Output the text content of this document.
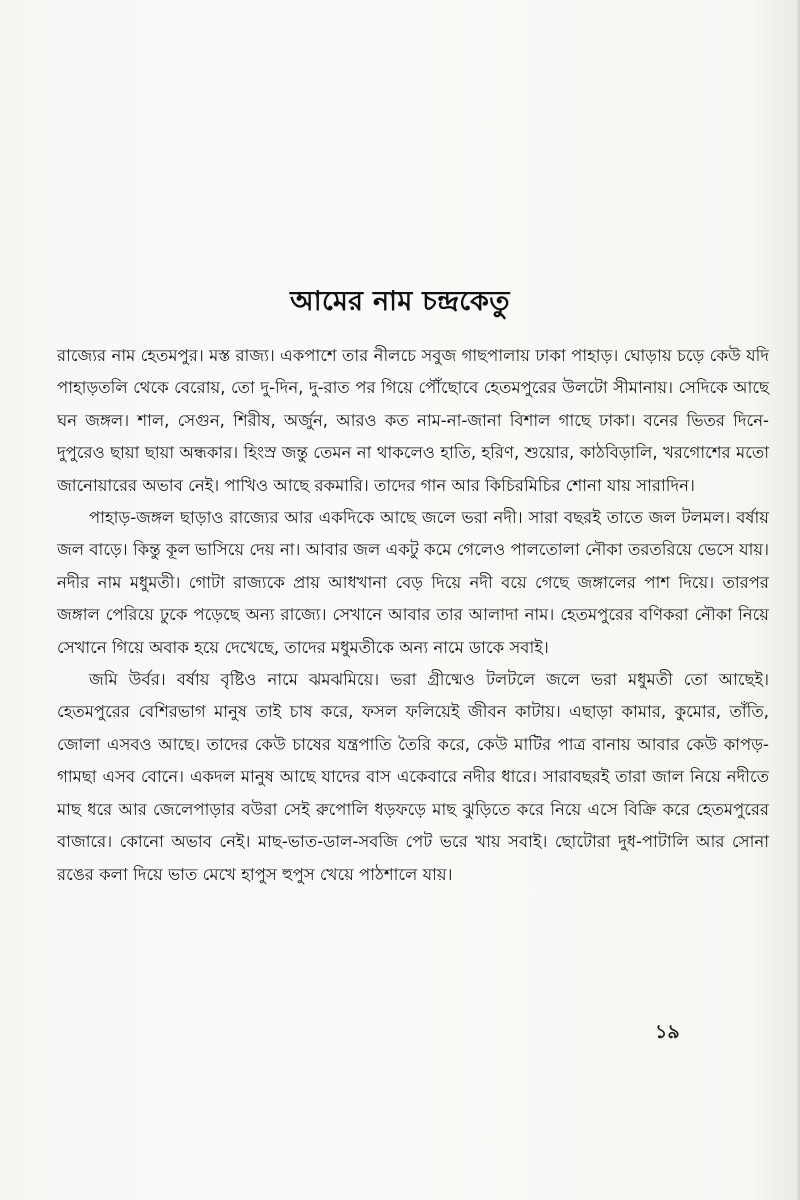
আমের নাম চন্দ্রকেতু

রাজ্যের নাম হেতমপুর। মস্ত রাজ্য। একপাশে তার নীলচে সবুজ গাছপালায় ঢাকা পাহাড়। ঘোড়ায় চড়ে কেউ যদি পাহাড়তলি থেকে বেরোয়, তো দু-দিন, দু-রাত পর গিয়ে পৌঁছোবে হেতমপুরের উলটো সীমানায়। সেদিকে আছে ঘন জঙ্গল। শাল, সেগুন, শিরীষ, অর্জুন, আরও কত নাম-না-জানা বিশাল গাছে ঢাকা। বনের ভিতর দিনে-দুপুরেও ছায়া ছায়া অন্ধকার। হিংস্র জন্তু তেমন না থাকলেও হাতি, হরিণ, শুয়োর, কাঠবিড়ালি, খরগোশের মতো জানোয়ারের অভাব নেই। পাখিও আছে রকমারি। তাদের গান আর কিচিরমিচির শোনা যায় সারাদিন।

পাহাড়-জঙ্গল ছাড়াও রাজ্যের আর একদিকে আছে জলে ভরা নদী। সারা বছরই তাতে জল টলমল। বর্ষায় জল বাড়ে। কিন্তু কূল ভাসিয়ে দেয় না। আবার জল একটু কমে গেলেও পালতোলা নৌকা তরতরিয়ে ভেসে যায়। নদীর নাম মধুমতী। গোটা রাজ্যকে প্রায় আধখানা বেড় দিয়ে নদী বয়ে গেছে জঙ্গালের পাশ দিয়ে। তারপর জঙ্গাল পেরিয়ে ঢুকে পড়েছে অন্য রাজ্যে। সেখানে আবার তার আলাদা নাম। হেতমপুরের বণিকরা নৌকা নিয়ে সেখানে গিয়ে অবাক হয়ে দেখেছে, তাদের মধুমতীকে অন্য নামে ডাকে সবাই।

জমি উর্বর। বর্ষায় বৃষ্টিও নামে ঝমঝমিয়ে। ভরা গ্রীষ্মেও টলটলে জলে ভরা মধুমতী তো আছেই। হেতমপুরের বেশিরভাগ মানুষ তাই চাষ করে, ফসল ফলিয়েই জীবন কাটায়। এছাড়া কামার, কুমোর, তাঁতি, জোলা এসবও আছে। তাদের কেউ চাষের যন্ত্রপাতি তৈরি করে, কেউ মাটির পাত্র বানায় আবার কেউ কাপড়-গামছা এসব বোনে। একদল মানুষ আছে যাদের বাস একেবারে নদীর ধারে। সারাবছরই তারা জাল নিয়ে নদীতে মাছ ধরে আর জেলেপাড়ার বউরা সেই রুপোলি ধড়ফড়ে মাছ ঝুড়িতে করে নিয়ে এসে বিক্রি করে হেতমপুরের বাজারে। কোনো অভাব নেই। মাছ-ভাত-ডাল-সবজি পেট ভরে খায় সবাই। ছোটোরা দুধ-পাটালি আর সোনা রঙের কলা দিয়ে ভাত মেখে হাপুস হুপুস খেয়ে পাঠশালে যায়।

১৯
